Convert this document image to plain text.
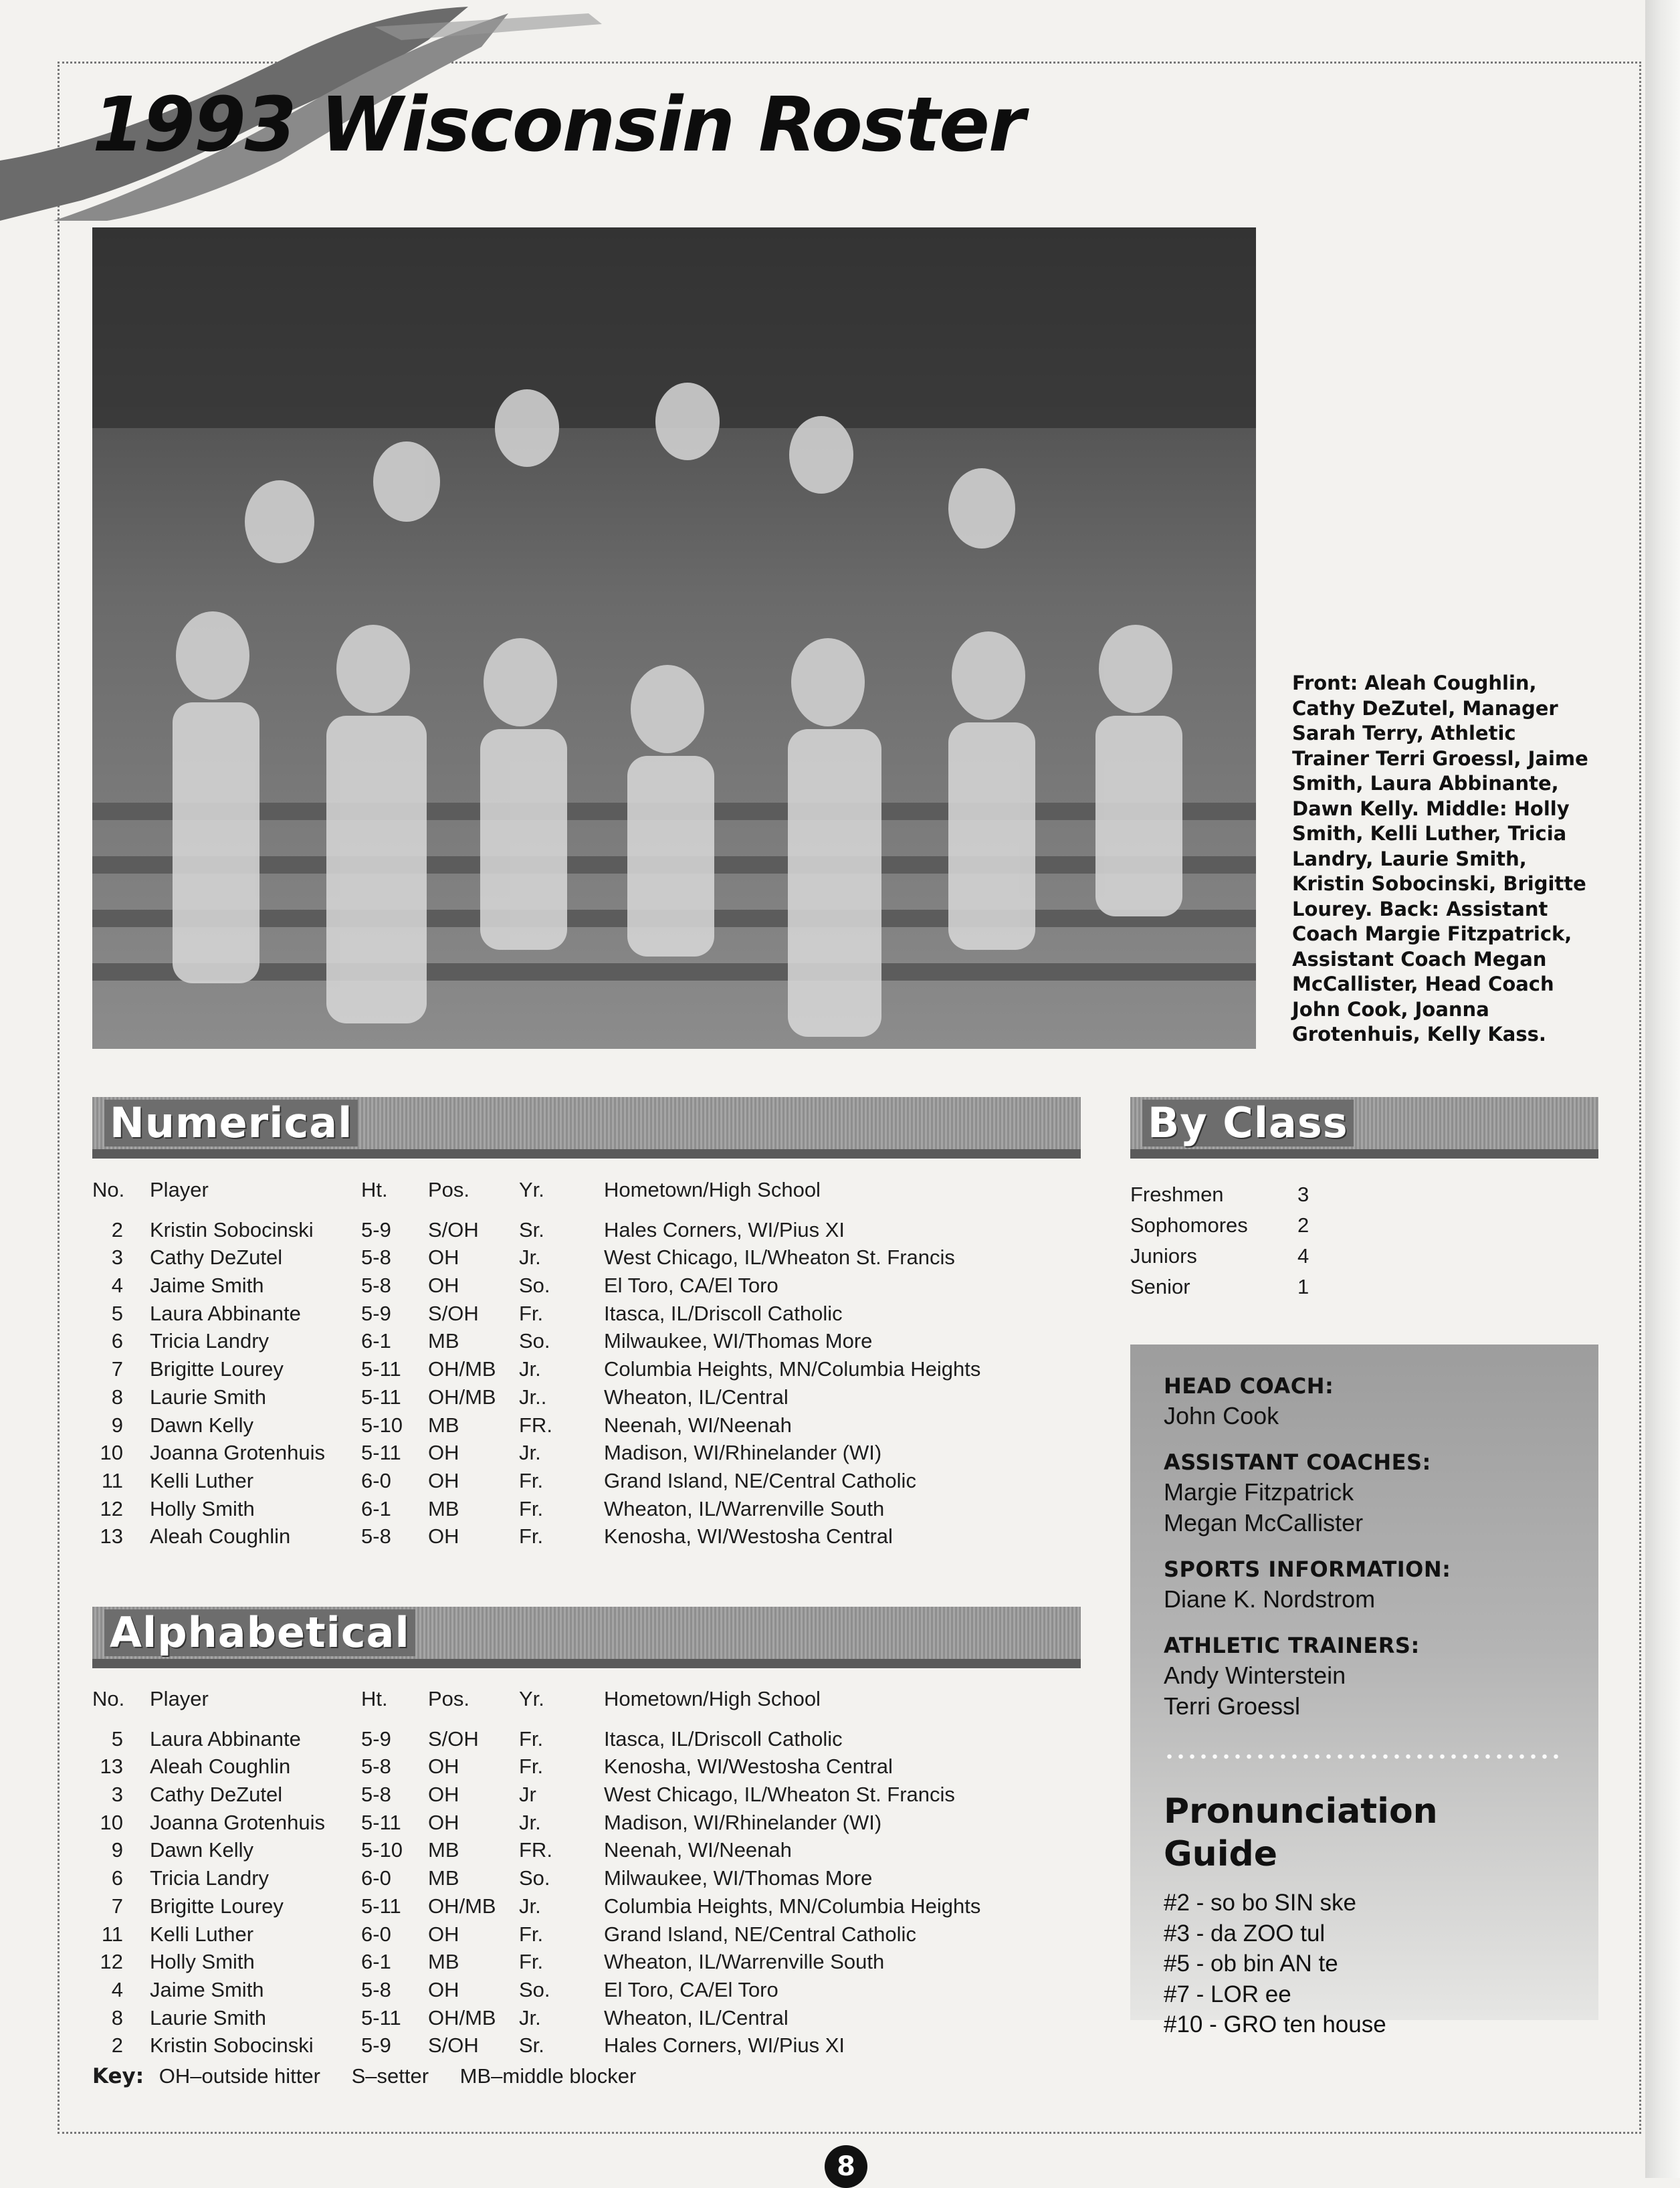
1993 Wisconsin Roster

Front: Aleah Coughlin, Cathy DeZutel, Manager Sarah Terry, Athletic Trainer Terri Groessl, Jaime Smith, Laura Abbinante, Dawn Kelly. Middle: Holly Smith, Kelli Luther, Tricia Landry, Laurie Smith, Kristin Sobocinski, Brigitte Lourey. Back: Assistant Coach Margie Fitzpatrick, Assistant Coach Megan McCallister, Head Coach John Cook, Joanna Grotenhuis, Kelly Kass.

Numerical
No. Player	Ht. Pos. Yr.	Hometown/High School
2 Kristin Sobocinski 5-9 S/OH Sr.	Hales Corners, WI/Pius XI
3 Cathy DeZutel	5-8 OH	Jr.	West Chicago, IL/Wheaton St. Francis
4 Jaime Smith	5-8 OH	So.	El Toro, CA/El Toro
5 Laura Abbinante	5-9 S/OH Fr.	Itasca, IL/Driscoll Catholic
6 Tricia Landry	6-1 MB	So.	Milwaukee, WI/Thomas More
7 Brigitte Lourey	5-11 OH/MB Jr.	Columbia Heights, MN/Columbia Heights
8 Laurie Smith	5-11 OH/MB Jr..	Wheaton, IL/Central
9 Dawn Kelly	5-10 MB	FR. Neenah, WI/Neenah
10 Joanna Grotenhuis 5-11 OH	Jr.	Madison, WI/Rhinelander (WI)
11 Kelli Luther	6-0 OH	Fr.	Grand Island, NE/Central Catholic
12 Holly Smith	6-1 MB	Fr.	Wheaton, IL/Warrenville South
13 Aleah Coughlin	5-8 OH	Fr.	Kenosha, WI/Westosha Central
Alphabetical
No. Player	Ht. Pos. Yr.	Hometown/High School
5 Laura Abbinante	5-9 S/OH Fr.	Itasca, IL/Driscoll Catholic
13 Aleah Coughlin	5-8 OH	Fr.	Kenosha, WI/Westosha Central
3 Cathy DeZutel	5-8 OH	Jr	West Chicago, IL/Wheaton St. Francis
10 Joanna Grotenhuis 5-11 OH	Jr.	Madison, WI/Rhinelander (WI)
9 Dawn Kelly	5-10 MB	FR. Neenah, WI/Neenah
6 Tricia Landry	6-0 MB	So.	Milwaukee, WI/Thomas More
7 Brigitte Lourey	5-11 OH/MB Jr.	Columbia Heights, MN/Columbia Heights
11 Kelli Luther	6-0 OH	Fr.	Grand Island, NE/Central Catholic
12 Holly Smith	6-1 MB	Fr.	Wheaton, IL/Warrenville South
4 Jaime Smith	5-8 OH	So.	El Toro, CA/El Toro
8 Laurie Smith	5-11 OH/MB Jr.	Wheaton, IL/Central
2 Kristin Sobocinski 5-9 S/OH Sr.	Hales Corners, WI/Pius XI
Key: OH–outside hitter S–setter MB–middle blocker
By Class
Freshmen	3
Sophomores 2
Juniors	4
Senior	1
HEAD COACH:
John Cook
ASSISTANT COACHES:
Margie Fitzpatrick
Megan McCallister
SPORTS INFORMATION:
Diane K. Nordstrom
ATHLETIC TRAINERS:
Andy Winterstein
Terri Groessl
Pronunciation Guide
#2 - so bo SIN ske
#3 - da ZOO tul
#5 - ob bin AN te
#7 - LOR ee
#10 - GRO ten house
8
